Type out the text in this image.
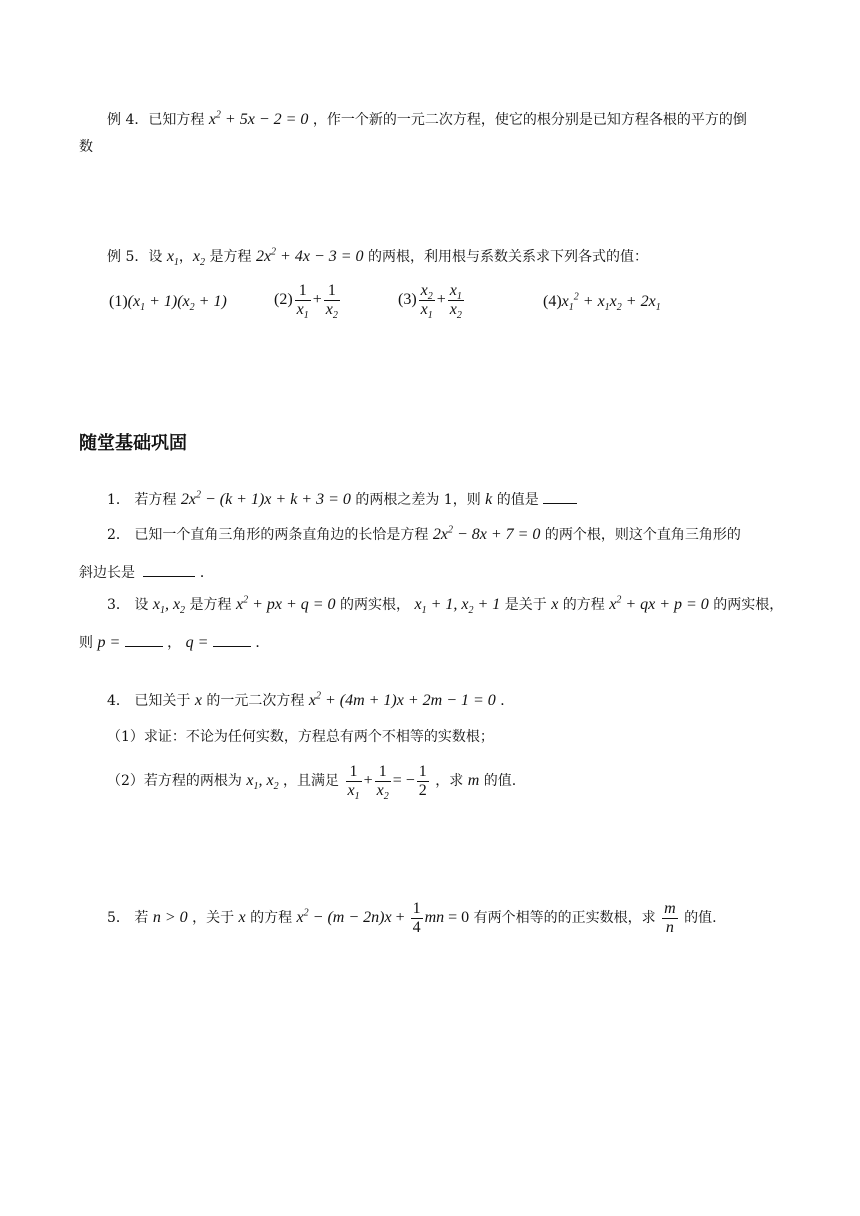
例 4．已知方程 $x^2 + 5x - 2 = 0$ ，作一个新的一元二次方程，使它的根分别是已知方程各根的平方的倒
数
例 5．设 $x_1$，$x_2$ 是方程 $2x^2 + 4x - 3 = 0$ 的两根，利用根与系数关系求下列各式的值：
$(1)(x_1 + 1)(x_2 + 1)$	$(2) \frac{1}{x_1} + \frac{1}{x_2}$	$(3) \frac{x_2}{x_1} + \frac{x_1}{x_2}$	$(4)x_1^2 + x_1x_2 + 2x_1$
随堂基础巩固
1． 若方程 $2x^2 - (k + 1)x + k + 3 = 0$ 的两根之差为 1，则 k 的值是
2． 已知一个直角三角形的两条直角边的长恰是方程 $2x^2 - 8x + 7 = 0$ 的两个根，则这个直角三角形的
斜边长是	．
3． 设 $x_1$, $x_2$ 是方程 $x^2$ + px + q = 0 的两实根， $x_1 + 1$, $x_2 + 1$ 是关于 x 的方程 $x^2$ + qx + p = 0 的两实根，
则 p =	， q =	．
4． 已知关于 x 的一元二次方程 $x^2 + (4m + 1)x + 2m - 1 = 0$ ．
（1）求证：不论为任何实数，方程总有两个不相等的实数根；
（2）若方程的两根为 $x_1$, $x_2$ ，且满足 $\frac{1}{x_1} + \frac{1}{x_2}$ = − $\frac{1}{2}$ ，求 m 的值.
5． 若 n > 0 ，关于 x 的方程 $x^2 - (m - 2n)x + \frac{1}{4}$ mn = 0 有两个相等的的正实数根，求 $\frac{m}{n}$ 的值.
